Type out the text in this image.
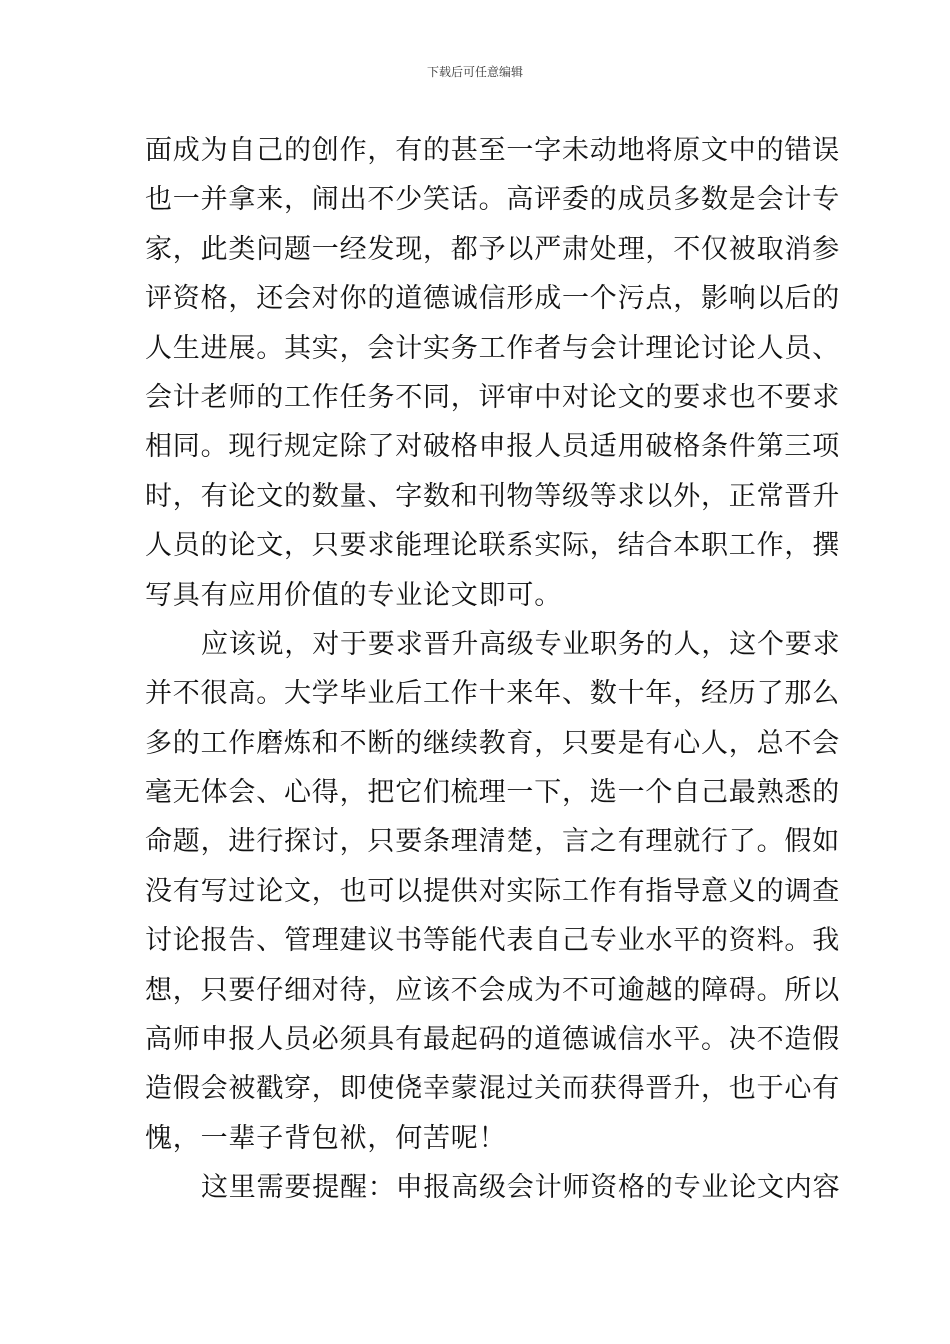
下载后可任意编辑
面成为自己的创作，有的甚至一字未动地将原文中的错误
也一并拿来，闹出不少笑话。高评委的成员多数是会计专
家，此类问题一经发现，都予以严肃处理，不仅被取消参
评资格，还会对你的道德诚信形成一个污点，影响以后的
人生进展。其实，会计实务工作者与会计理论讨论人员、
会计老师的工作任务不同，评审中对论文的要求也不要求
相同。现行规定除了对破格申报人员适用破格条件第三项
时，有论文的数量、字数和刊物等级等求以外，正常晋升
人员的论文，只要求能理论联系实际，结合本职工作，撰
写具有应用价值的专业论文即可。
应该说，对于要求晋升高级专业职务的人，这个要求
并不很高。大学毕业后工作十来年、数十年，经历了那么
多的工作磨炼和不断的继续教育，只要是有心人，总不会
毫无体会、心得，把它们梳理一下，选一个自己最熟悉的
命题，进行探讨，只要条理清楚，言之有理就行了。假如
没有写过论文，也可以提供对实际工作有指导意义的调查
讨论报告、管理建议书等能代表自己专业水平的资料。我
想，只要仔细对待，应该不会成为不可逾越的障碍。所以
高师申报人员必须具有最起码的道德诚信水平。决不造假
造假会被戳穿，即使侥幸蒙混过关而获得晋升，也于心有
愧，一辈子背包袱，何苦呢！
这里需要提醒：申报高级会计师资格的专业论文内容
